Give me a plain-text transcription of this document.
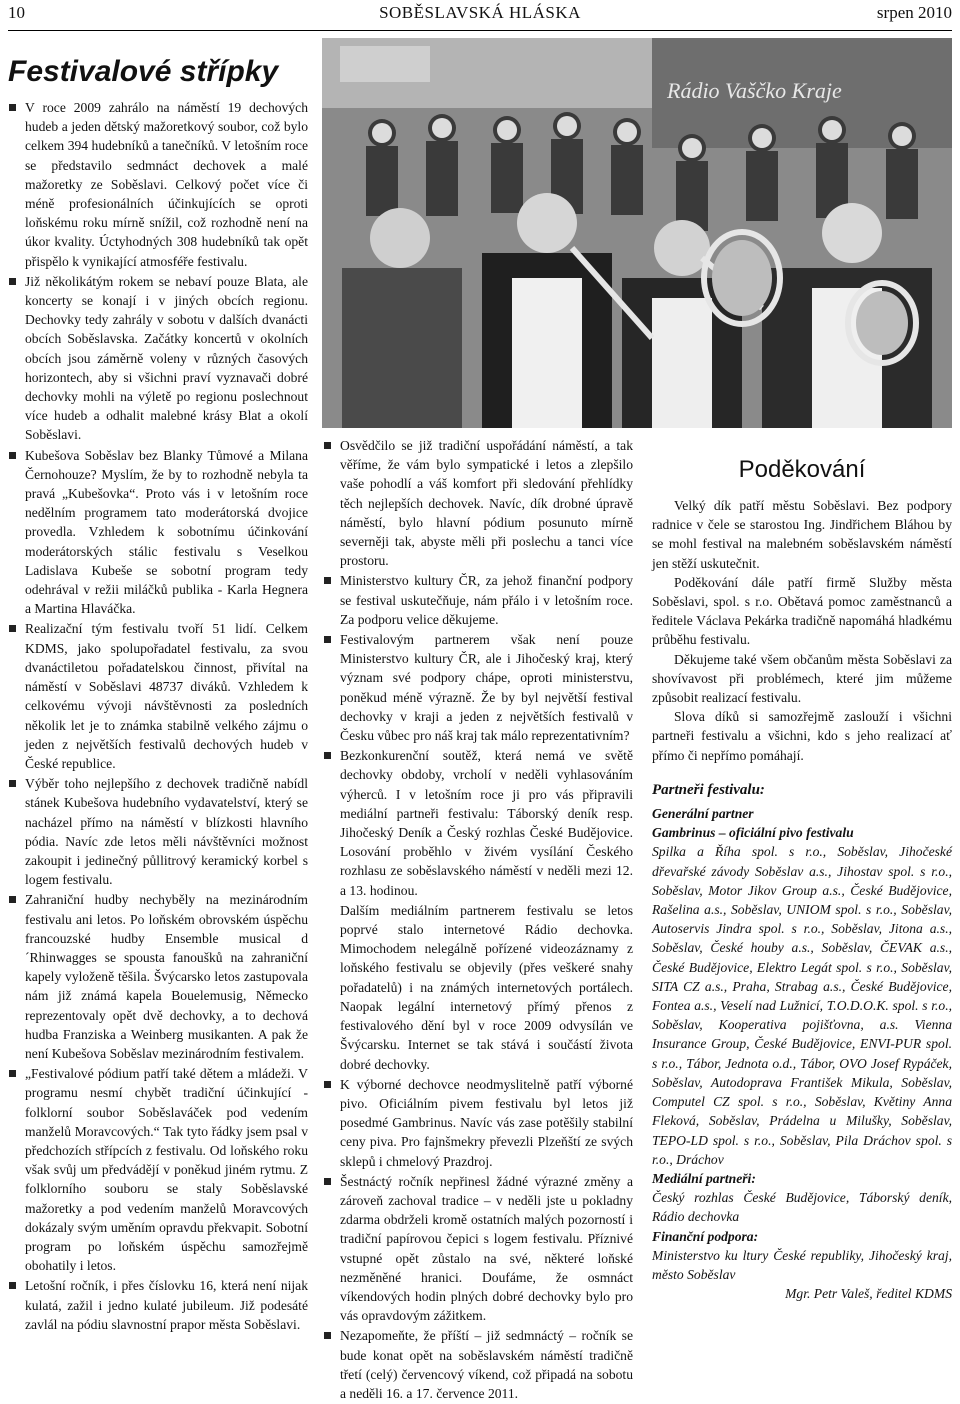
10	SOBĚSLAVSKÁ HLÁSKA	srpen 2010
Festivalové střípky
V roce 2009 zahrálo na náměstí 19 dechových hudeb a jeden dětský mažoretkový soubor, což bylo celkem 394 hudebníků a tanečníků. V letošním roce se představilo sedmnáct dechovek a malé mažoretky ze Soběslavi. Celkový počet více či méně profesionálních účinkujících se oproti loňskému roku mírně snížil, což rozhodně není na úkor kvality. Úctyhodných 308 hudebníků tak opět přispělo k vynikající atmosféře festivalu.
Již několikátým rokem se nebaví pouze Blata, ale koncerty se konají i v jiných obcích regionu. Dechovky tedy zahrály v sobotu v dalších dvanácti obcích Soběslavska. Začátky koncertů v okolních obcích jsou záměrně voleny v různých časových horizontech, aby si všichni praví vyznavači dobré dechovky mohli na výletě po regionu poslechnout více hudeb a odhalit malebné krásy Blat a okolí Soběslavi.
Kubešova Soběslav bez Blanky Tůmové a Milana Černohouze? Myslím, že by to rozhodně nebyla ta pravá „Kubešovka“. Proto vás i v letošním roce nedělním programem tato moderátorská dvojice provedla. Vzhledem k sobotnímu účinkování moderátorských stálic festivalu s Veselkou Ladislava Kubeše se sobotní program tedy odehrával v režii miláčků publika - Karla Hegnera a Martina Hlaváčka.
Realizační tým festivalu tvoří 51 lidí. Celkem KDMS, jako spolupořadatel festivalu, za svou dvanáctiletou pořadatelskou činnost, přivítal na náměstí v Soběslavi 48737 diváků. Vzhledem k celkovému vývoji návštěvnosti za posledních několik let je to známka stabilně velkého zájmu o jeden z největších festivalů dechových hudeb v České republice.
Výběr toho nejlepšího z dechovek tradičně nabídl stánek Kubešova hudebního vydavatelství, který se nacházel přímo na náměstí v blízkosti hlavního pódia. Navíc zde letos měli návštěvníci možnost zakoupit i jedinečný půllitrový keramický korbel s logem festivalu.
Zahraniční hudby nechyběly na mezinárodním festivalu ani letos. Po loňském obrovském úspěchu francouzské hudby Ensemble musical d´Rhinwagges se spousta fanoušků na zahraniční kapely vyloženě těšila. Švýcarsko letos zastupovala nám již známá kapela Bouelemusig, Německo reprezentovaly opět dvě dechovky, a to dechová hudba Franziska a Weinberg musikanten. A pak že není Kubešova Soběslav mezinárodním festivalem.
„Festivalové pódium patří také dětem a mládeži. V programu nesmí chybět tradiční účinkující - folklorní soubor Soběslaváček pod vedením manželů Moravcových.“ Tak tyto řádky jsem psal v předchozích střípcích z festivalu. Od loňského roku však svůj um předvádějí v poněkud jiném rytmu. Z folklorního souboru se staly Soběslavské mažoretky a pod vedením manželů Moravcových dokázaly svým uměním opravdu překvapit. Sobotní program po loňském úspěchu samozřejmě obohatily i letos.
Letošní ročník, i přes číslovku 16, která není nijak kulatá, zažil i jedno kulaté jubileum. Již podesáté zavlál na pódiu slavnostní prapor města Soběslavi.
Rádio Vaščko Kraje
Osvědčilo se již tradiční uspořádání náměstí, a tak věříme, že vám bylo sympatické i letos a zlepšilo vaše pohodlí a váš komfort při sledování přehlídky těch nejlepších dechovek. Navíc, dík drobné úpravě náměstí, bylo hlavní pódium posunuto mírně severněji tak, abyste měli při poslechu a tanci více prostoru.
Ministerstvo kultury ČR, za jehož finanční podpory se festival uskutečňuje, nám přálo i v letošním roce. Za podporu velice děkujeme.
Festivalovým partnerem však není pouze Ministerstvo kultury ČR, ale i Jihočeský kraj, který význam své podpory chápe, oproti ministerstvu, poněkud méně výrazně. Že by byl největší festival dechovky v kraji a jeden z největších festivalů v Česku vůbec pro náš kraj tak málo reprezentativním?
Bezkonkurenční soutěž, která nemá ve světě dechovky obdoby, vrcholí v neděli vyhlasováním výherců. I v letošním roce ji pro vás připravili mediální partneři festivalu: Táborský deník resp. Jihočeský Deník a Český rozhlas České Budějovice. Losování proběhlo v živém vysílání Českého rozhlasu ze soběslavského náměstí v neděli mezi 12. a 13. hodinou.
Dalším mediálním partnerem festivalu se letos poprvé stalo internetové Rádio dechovka. Mimochodem nelegálně pořízené videozáznamy z loňského festivalu se objevily (přes veškeré snahy pořadatelů) i na známých internetových portálech. Naopak legální internetový přímý přenos z festivalového dění byl v roce 2009 odvysílán ve Švýcarsku. Internet se tak stává i součástí života dobré dechovky.
K výborné dechovce neodmyslitelně patří výborné pivo. Oficiálním pivem festivalu byl letos již posedmé Gambrinus. Navíc vás zase potěšily stabilní ceny piva. Pro fajnšmekry převezli Plzeňští ze svých sklepů i chmelový Prazdroj.
Šestnáctý ročník nepřinesl žádné výrazné změny a zároveň zachoval tradice – v neděli jste u pokladny zdarma obdrželi kromě ostatních malých pozorností i tradiční papírovou čepici s logem festivalu. Příznivé vstupné opět zůstalo na své, některé loňské nezměněné hranici. Doufáme, že osmnáct víkendových hodin plných dobré dechovky bylo pro vás opravdovým zážitkem.
Nezapomeňte, že příští – již sedmnáctý – ročník se bude konat opět na soběslavském náměstí tradičně třetí (celý) červencový víkend, což připadá na sobotu a neděli 16. a 17. července 2011.
Poděkování

Velký dík patří městu Soběslavi. Bez podpory radnice v čele se starostou Ing. Jindřichem Bláhou by se mohl festival na malebném soběslavském náměstí jen stěží uskutečnit.

Poděkování dále patří firmě Služby města Soběslavi, spol. s r.o. Obětavá pomoc zaměstnanců a ředitele Václava Pekárka tradičně napomáhá hladkému průběhu festivalu.

Děkujeme také všem občanům města Soběslavi za shovívavost při problémech, které jim můžeme způsobit realizací festivalu.

Slova díků si samozřejmě zaslouží i všichni partneři festivalu a všichni, kdo s jeho realizací ať přímo či nepřímo pomáhají.

Partneři festivalu:
Generální partner
Gambrinus – oficiální pivo festivalu
Spilka a Říha spol. s r.o., Soběslav, Jihočeské dřevařské závody Soběslav a.s., Jihostav spol. s r.o., Soběslav, Motor Jikov Group a.s., České Budějovice, Rašelina a.s., Soběslav, UNIOM spol. s r.o., Soběslav, Autoservis Jindra spol. s r.o., Soběslav, Jitona a.s., Soběslav, České houby a.s., Soběslav, ČEVAK a.s., České Budějovice, Elektro Legát spol. s r.o., Soběslav, SITA CZ a.s., Praha, Strabag a.s., České Budějovice, Fontea a.s., Veselí nad Lužnicí, T.O.D.O.K. spol. s r.o., Soběslav, Kooperativa pojišťovna, a.s. Vienna Insurance Group, České Budějovice, ENVI-PUR spol. s r.o., Tábor, Jednota o.d., Tábor, OVO Josef Rypáček, Soběslav, Autodoprava František Mikula, Soběslav, Computel CZ spol. s r.o., Soběslav, Květiny Anna Fleková, Soběslav, Prádelna u Milušky, Soběslav, TEPO-LD spol. s r.o., Soběslav, Pila Dráchov spol. s r.o., Dráchov
Mediální partneři:
Český rozhlas České Budějovice, Táborský deník, Rádio dechovka
Finanční podpora:
Ministerstvo ku ltury České republiky, Jihočeský kraj, město Soběslav
Mgr. Petr Valeš, ředitel KDMS
